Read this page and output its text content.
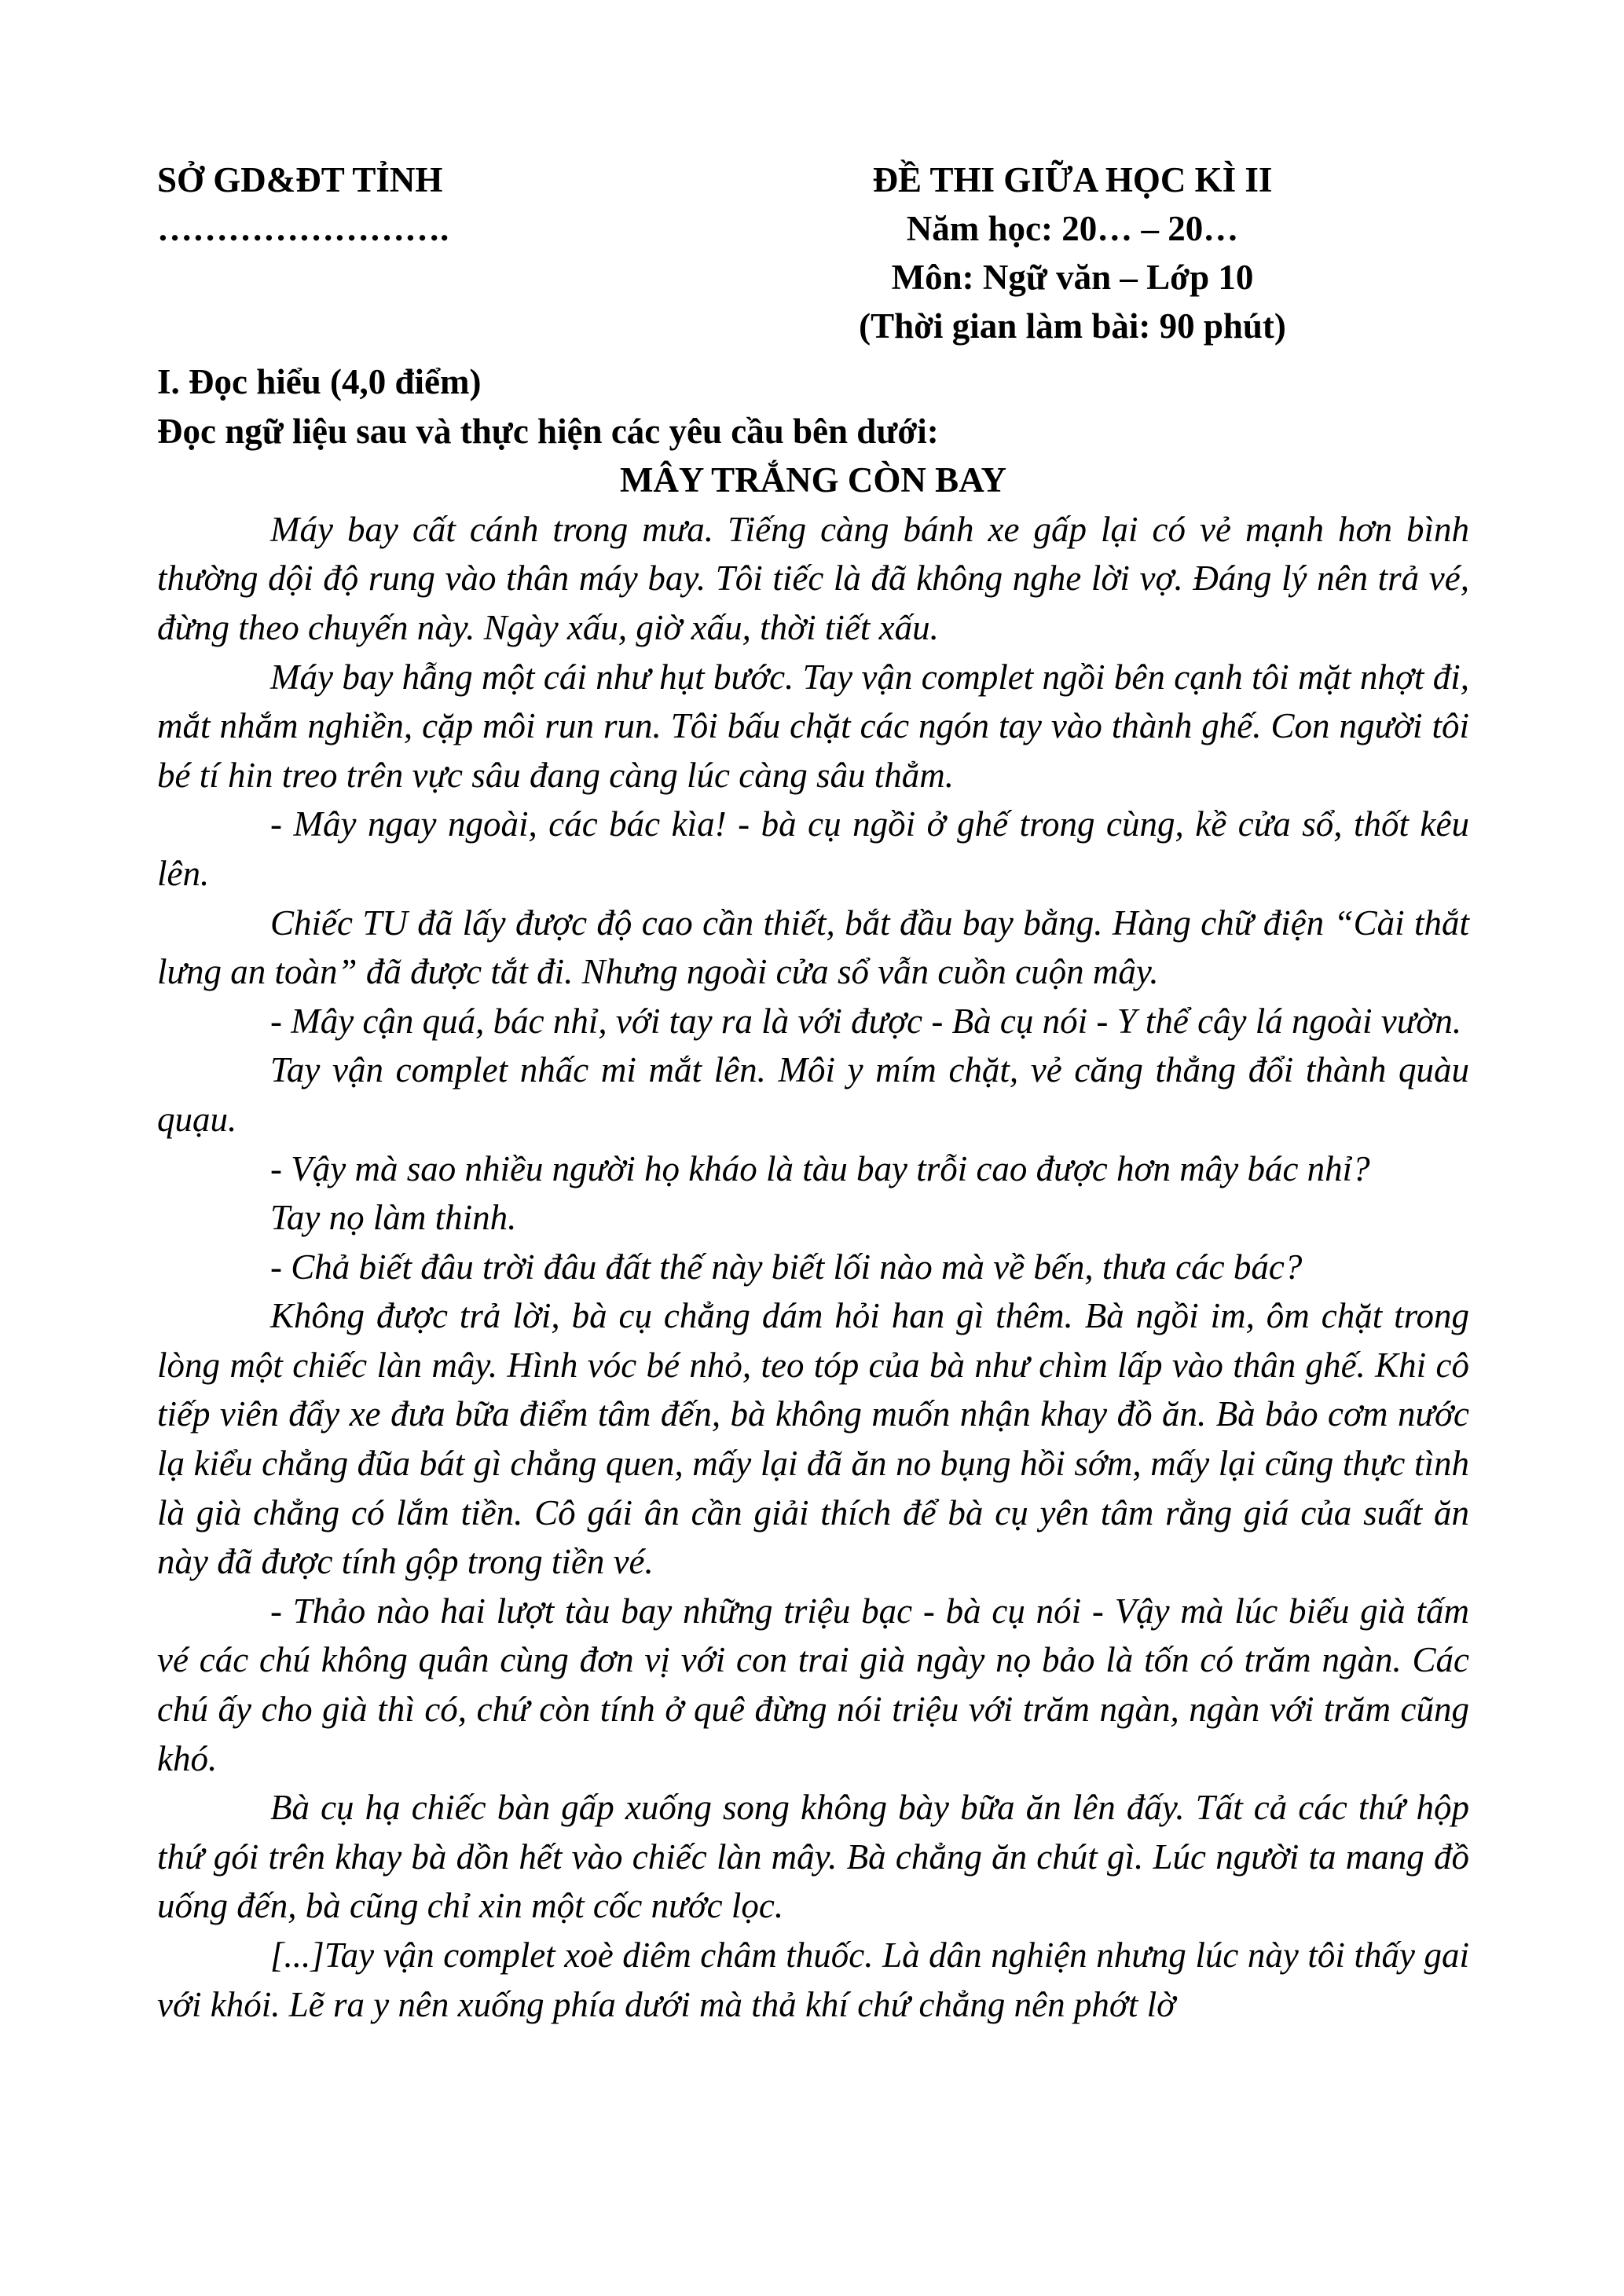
SỞ GD&ĐT TỈNH
…………………….
ĐỀ THI GIỮA HỌC KÌ II
Năm học: 20… – 20…
Môn: Ngữ văn – Lớp 10
(Thời gian làm bài: 90 phút)
I. Đọc hiểu (4,0 điểm)
Đọc ngữ liệu sau và thực hiện các yêu cầu bên dưới:
MÂY TRẮNG CÒN BAY

Máy bay cất cánh trong mưa. Tiếng càng bánh xe gấp lại có vẻ mạnh hơn bình thường dội độ rung vào thân máy bay. Tôi tiếc là đã không nghe lời vợ. Đáng lý nên trả vé, đừng theo chuyến này. Ngày xấu, giờ xấu, thời tiết xấu.

Máy bay hẫng một cái như hụt bước. Tay vận complet ngồi bên cạnh tôi mặt nhợt đi, mắt nhắm nghiền, cặp môi run run. Tôi bấu chặt các ngón tay vào thành ghế. Con người tôi bé tí hin treo trên vực sâu đang càng lúc càng sâu thẳm.

- Mây ngay ngoài, các bác kìa! - bà cụ ngồi ở ghế trong cùng, kề cửa sổ, thốt kêu lên.

Chiếc TU đã lấy được độ cao cần thiết, bắt đầu bay bằng. Hàng chữ điện “Cài thắt lưng an toàn” đã được tắt đi. Nhưng ngoài cửa sổ vẫn cuồn cuộn mây.

- Mây cận quá, bác nhỉ, với tay ra là với được - Bà cụ nói - Y thể cây lá ngoài vườn.

Tay vận complet nhấc mi mắt lên. Môi y mím chặt, vẻ căng thẳng đổi thành quàu quạu.

- Vậy mà sao nhiều người họ kháo là tàu bay trỗi cao được hơn mây bác nhỉ?

Tay nọ làm thinh.

- Chả biết đâu trời đâu đất thế này biết lối nào mà về bến, thưa các bác?

Không được trả lời, bà cụ chẳng dám hỏi han gì thêm. Bà ngồi im, ôm chặt trong lòng một chiếc làn mây. Hình vóc bé nhỏ, teo tóp của bà như chìm lấp vào thân ghế. Khi cô tiếp viên đẩy xe đưa bữa điểm tâm đến, bà không muốn nhận khay đồ ăn. Bà bảo cơm nước lạ kiểu chẳng đũa bát gì chẳng quen, mấy lại đã ăn no bụng hồi sớm, mấy lại cũng thực tình là già chẳng có lắm tiền. Cô gái ân cần giải thích để bà cụ yên tâm rằng giá của suất ăn này đã được tính gộp trong tiền vé.

- Thảo nào hai lượt tàu bay những triệu bạc - bà cụ nói - Vậy mà lúc biếu già tấm vé các chú không quân cùng đơn vị với con trai già ngày nọ bảo là tốn có trăm ngàn. Các chú ấy cho già thì có, chứ còn tính ở quê đừng nói triệu với trăm ngàn, ngàn với trăm cũng khó.

Bà cụ hạ chiếc bàn gấp xuống song không bày bữa ăn lên đấy. Tất cả các thứ hộp thứ gói trên khay bà dồn hết vào chiếc làn mây. Bà chẳng ăn chút gì. Lúc người ta mang đồ uống đến, bà cũng chỉ xin một cốc nước lọc.

[...]Tay vận complet xoè diêm châm thuốc. Là dân nghiện nhưng lúc này tôi thấy gai với khói. Lẽ ra y nên xuống phía dưới mà thả khí chứ chẳng nên phớt lờ
